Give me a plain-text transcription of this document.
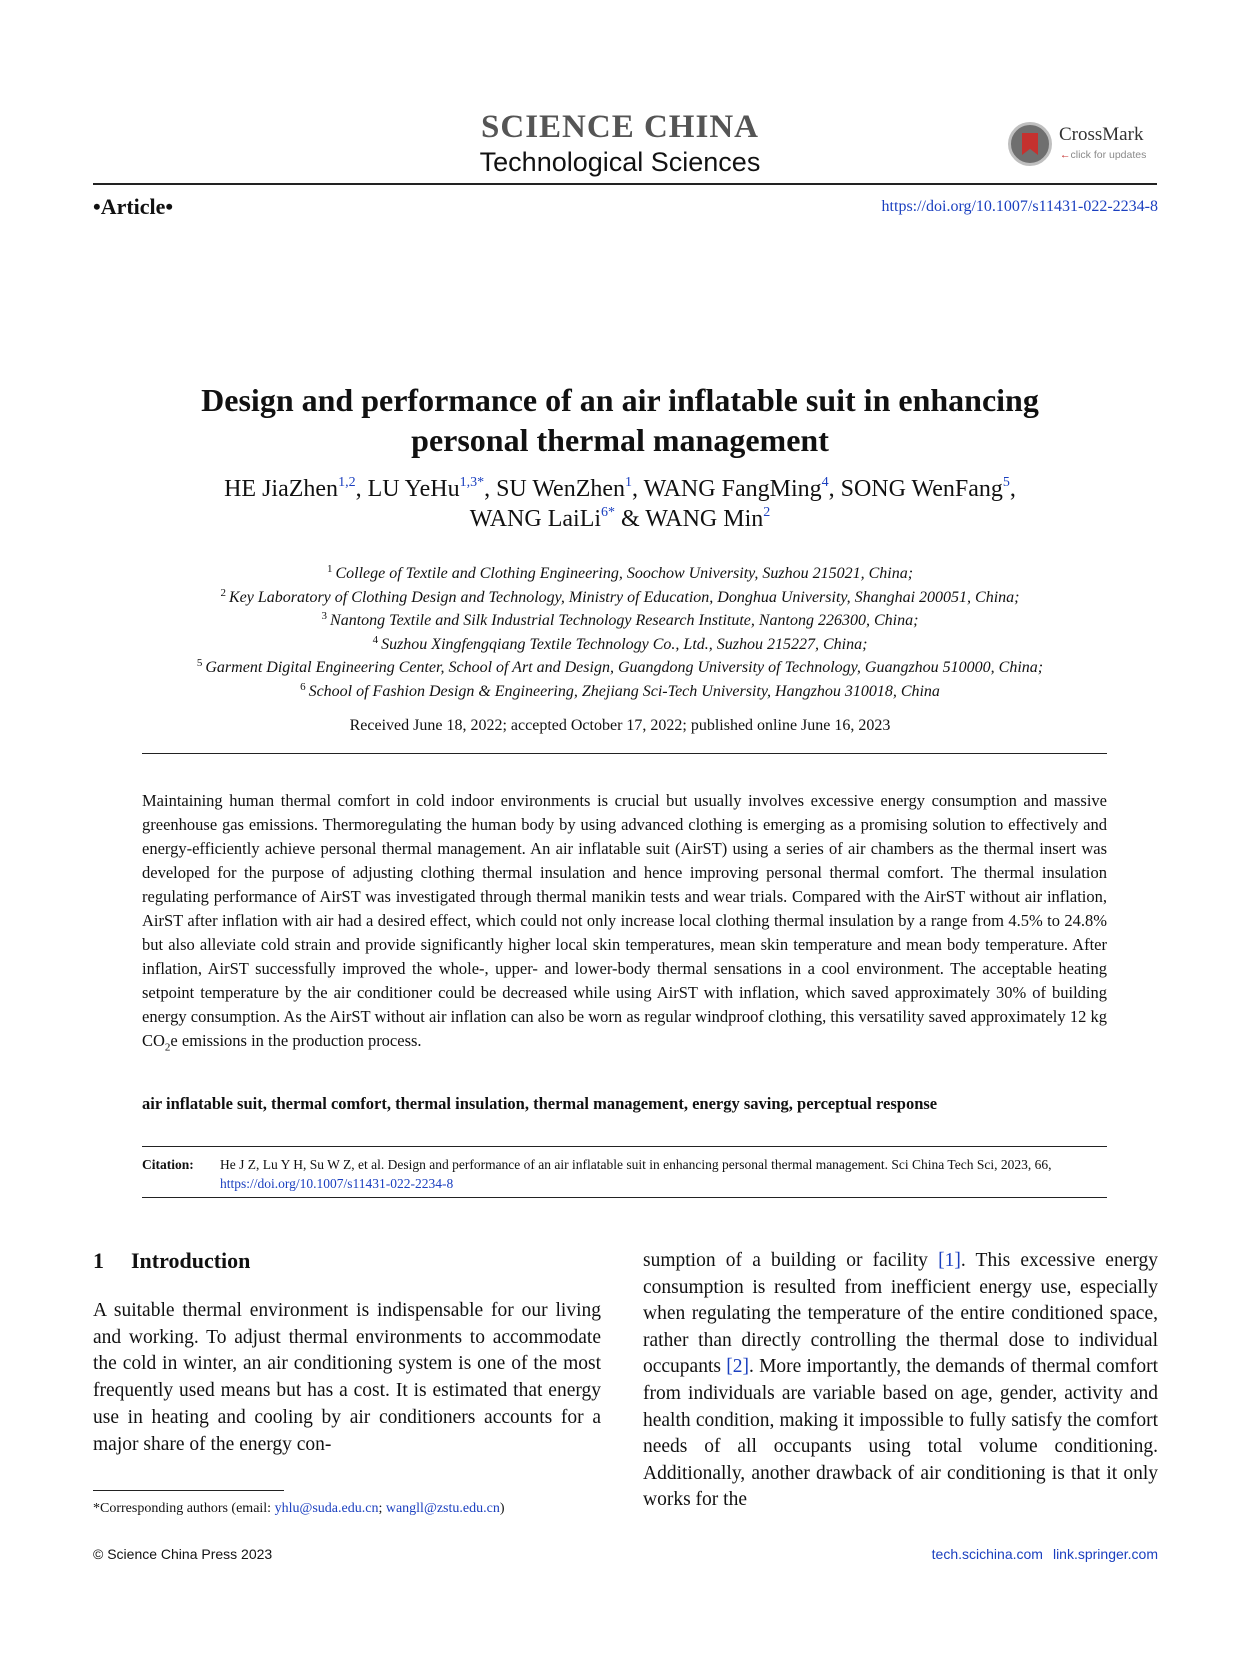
SCIENCE CHINA
Technological Sciences
CrossMark
←click for updates
•Article•	https://doi.org/10.1007/s11431-022-2234-8
Design and performance of an air inflatable suit in enhancing
personal thermal management
HE JiaZhen$^{1,2}$, LU YeHu$^{1,3*}$, SU WenZhen$^1$, WANG FangMing$^4$, SONG WenFang$^5$,
WANG LaiLi$^{6*}$ & WANG Min$^2$
$^1$ College of Textile and Clothing Engineering, Soochow University, Suzhou 215021, China;
$^2$ Key Laboratory of Clothing Design and Technology, Ministry of Education, Donghua University, Shanghai 200051, China;
$^3$ Nantong Textile and Silk Industrial Technology Research Institute, Nantong 226300, China;
$^4$ Suzhou Xingfengqiang Textile Technology Co., Ltd., Suzhou 215227, China;
$^5$ Garment Digital Engineering Center, School of Art and Design, Guangdong University of Technology, Guangzhou 510000, China;
$^6$ School of Fashion Design & Engineering, Zhejiang Sci-Tech University, Hangzhou 310018, China
Received June 18, 2022; accepted October 17, 2022; published online June 16, 2023
Maintaining human thermal comfort in cold indoor environments is crucial but usually involves excessive energy consumption and massive greenhouse gas emissions. Thermoregulating the human body by using advanced clothing is emerging as a promising solution to effectively and energy-efficiently achieve personal thermal management. An air inflatable suit (AirST) using a series of air chambers as the thermal insert was developed for the purpose of adjusting clothing thermal insulation and hence improving personal thermal comfort. The thermal insulation regulating performance of AirST was investigated through thermal manikin tests and wear trials. Compared with the AirST without air inflation, AirST after inflation with air had a desired effect, which could not only increase local clothing thermal insulation by a range from 4.5% to 24.8% but also alleviate cold strain and provide significantly higher local skin temperatures, mean skin temperature and mean body temperature. After inflation, AirST successfully improved the whole-, upper- and lower-body thermal sensations in a cool environment. The acceptable heating setpoint temperature by the air conditioner could be decreased while using AirST with inflation, which saved approximately 30% of building energy consumption. As the AirST without air inflation can also be worn as regular windproof clothing, this versatility saved approximately 12 kg $CO_2e$ emissions in the production process.
air inflatable suit, thermal comfort, thermal insulation, thermal management, energy saving, perceptual response
Citation: He J Z, Lu Y H, Su W Z, et al. Design and performance of an air inflatable suit in enhancing personal thermal management. Sci China Tech Sci, 2023, 66, https://doi.org/10.1007/s11431-022-2234-8
1 Introduction
A suitable thermal environment is indispensable for our living and working. To adjust thermal environments to accommodate the cold in winter, an air conditioning system is one of the most frequently used means but has a cost. It is estimated that energy use in heating and cooling by air conditioners accounts for a major share of the energy con-
sumption of a building or facility [1]. This excessive energy consumption is resulted from inefficient energy use, especially when regulating the temperature of the entire conditioned space, rather than directly controlling the thermal dose to individual occupants [2]. More importantly, the demands of thermal comfort from individuals are variable based on age, gender, activity and health condition, making it impossible to fully satisfy the comfort needs of all occupants using total volume conditioning. Additionally, another drawback of air conditioning is that it only works for the
*Corresponding authors (email: yhlu@suda.edu.cn; wangll@zstu.edu.cn)
© Science China Press 2023	tech.scichina.com link.springer.com
